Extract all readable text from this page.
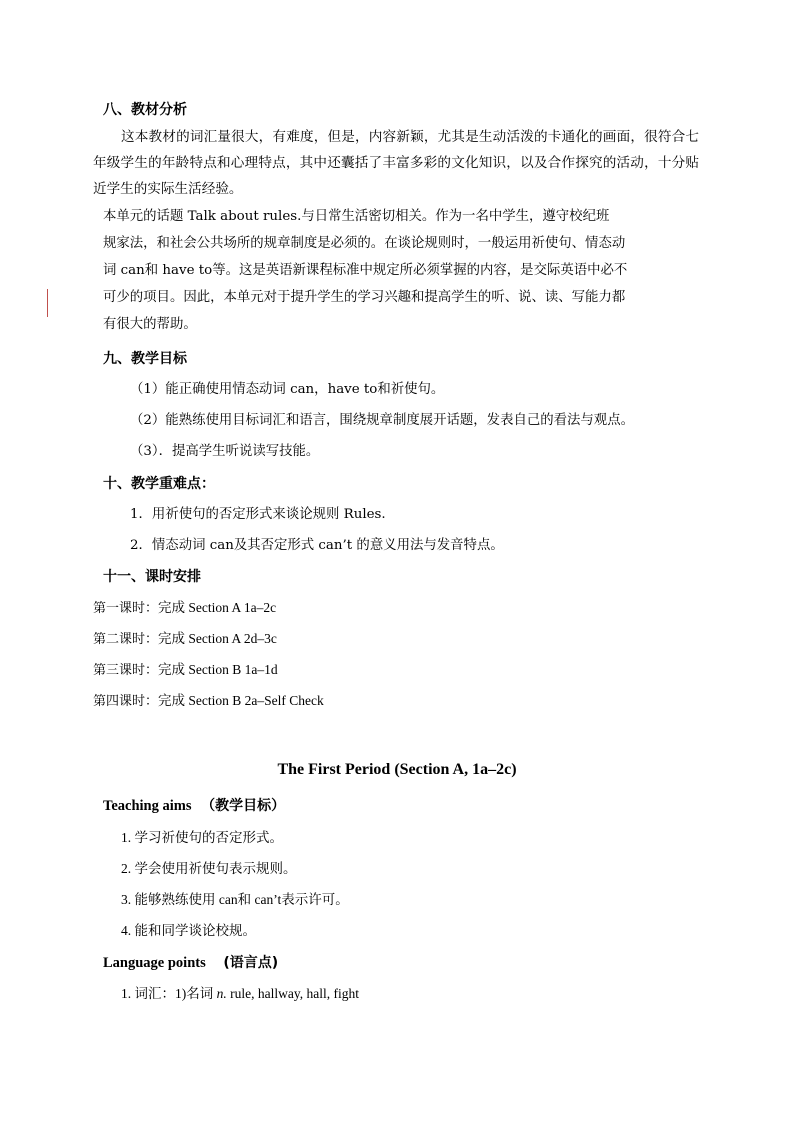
八、教材分析
这本教材的词汇量很大，有难度，但是，内容新颖，尤其是生动活泼的卡通化的画面，很符合七年级学生的年龄特点和心理特点，其中还囊括了丰富多彩的文化知识，以及合作探究的活动，十分贴近学生的实际生活经验。
本单元的话题 Talk about rules.与日常生活密切相关。作为一名中学生，遵守校纪班
规家法，和社会公共场所的规章制度是必须的。在谈论规则时，一般运用祈使句、情态动
词 can和 have to等。这是英语新课程标准中规定所必须掌握的内容，是交际英语中必不
可少的项目。因此，本单元对于提升学生的学习兴趣和提高学生的听、说、读、写能力都
有很大的帮助。
九、教学目标
（1）能正确使用情态动词 can，have to和祈使句。
（2）能熟练使用目标词汇和语言，围绕规章制度展开话题，发表自己的看法与观点。
（3）．提高学生听说读写技能。
十、教学重难点：
1．用祈使句的否定形式来谈论规则 Rules.
2．情态动词 can及其否定形式 can’t 的意义用法与发音特点。
十一、课时安排
第一课时：完成 Section A 1a–2c
第二课时：完成 Section A 2d–3c
第三课时：完成 Section B 1a–1d
第四课时：完成 Section B 2a–Self Check
The First Period (Section A, 1a–2c)
Teaching aims （教学目标）
1. 学习祈使句的否定形式。
2. 学会使用祈使句表示规则。
3. 能够熟练使用 can和 can’t表示许可。
4. 能和同学谈论校规。
Language points (语言点)
1. 词汇：1)名词 n. rule, hallway, hall, fight
